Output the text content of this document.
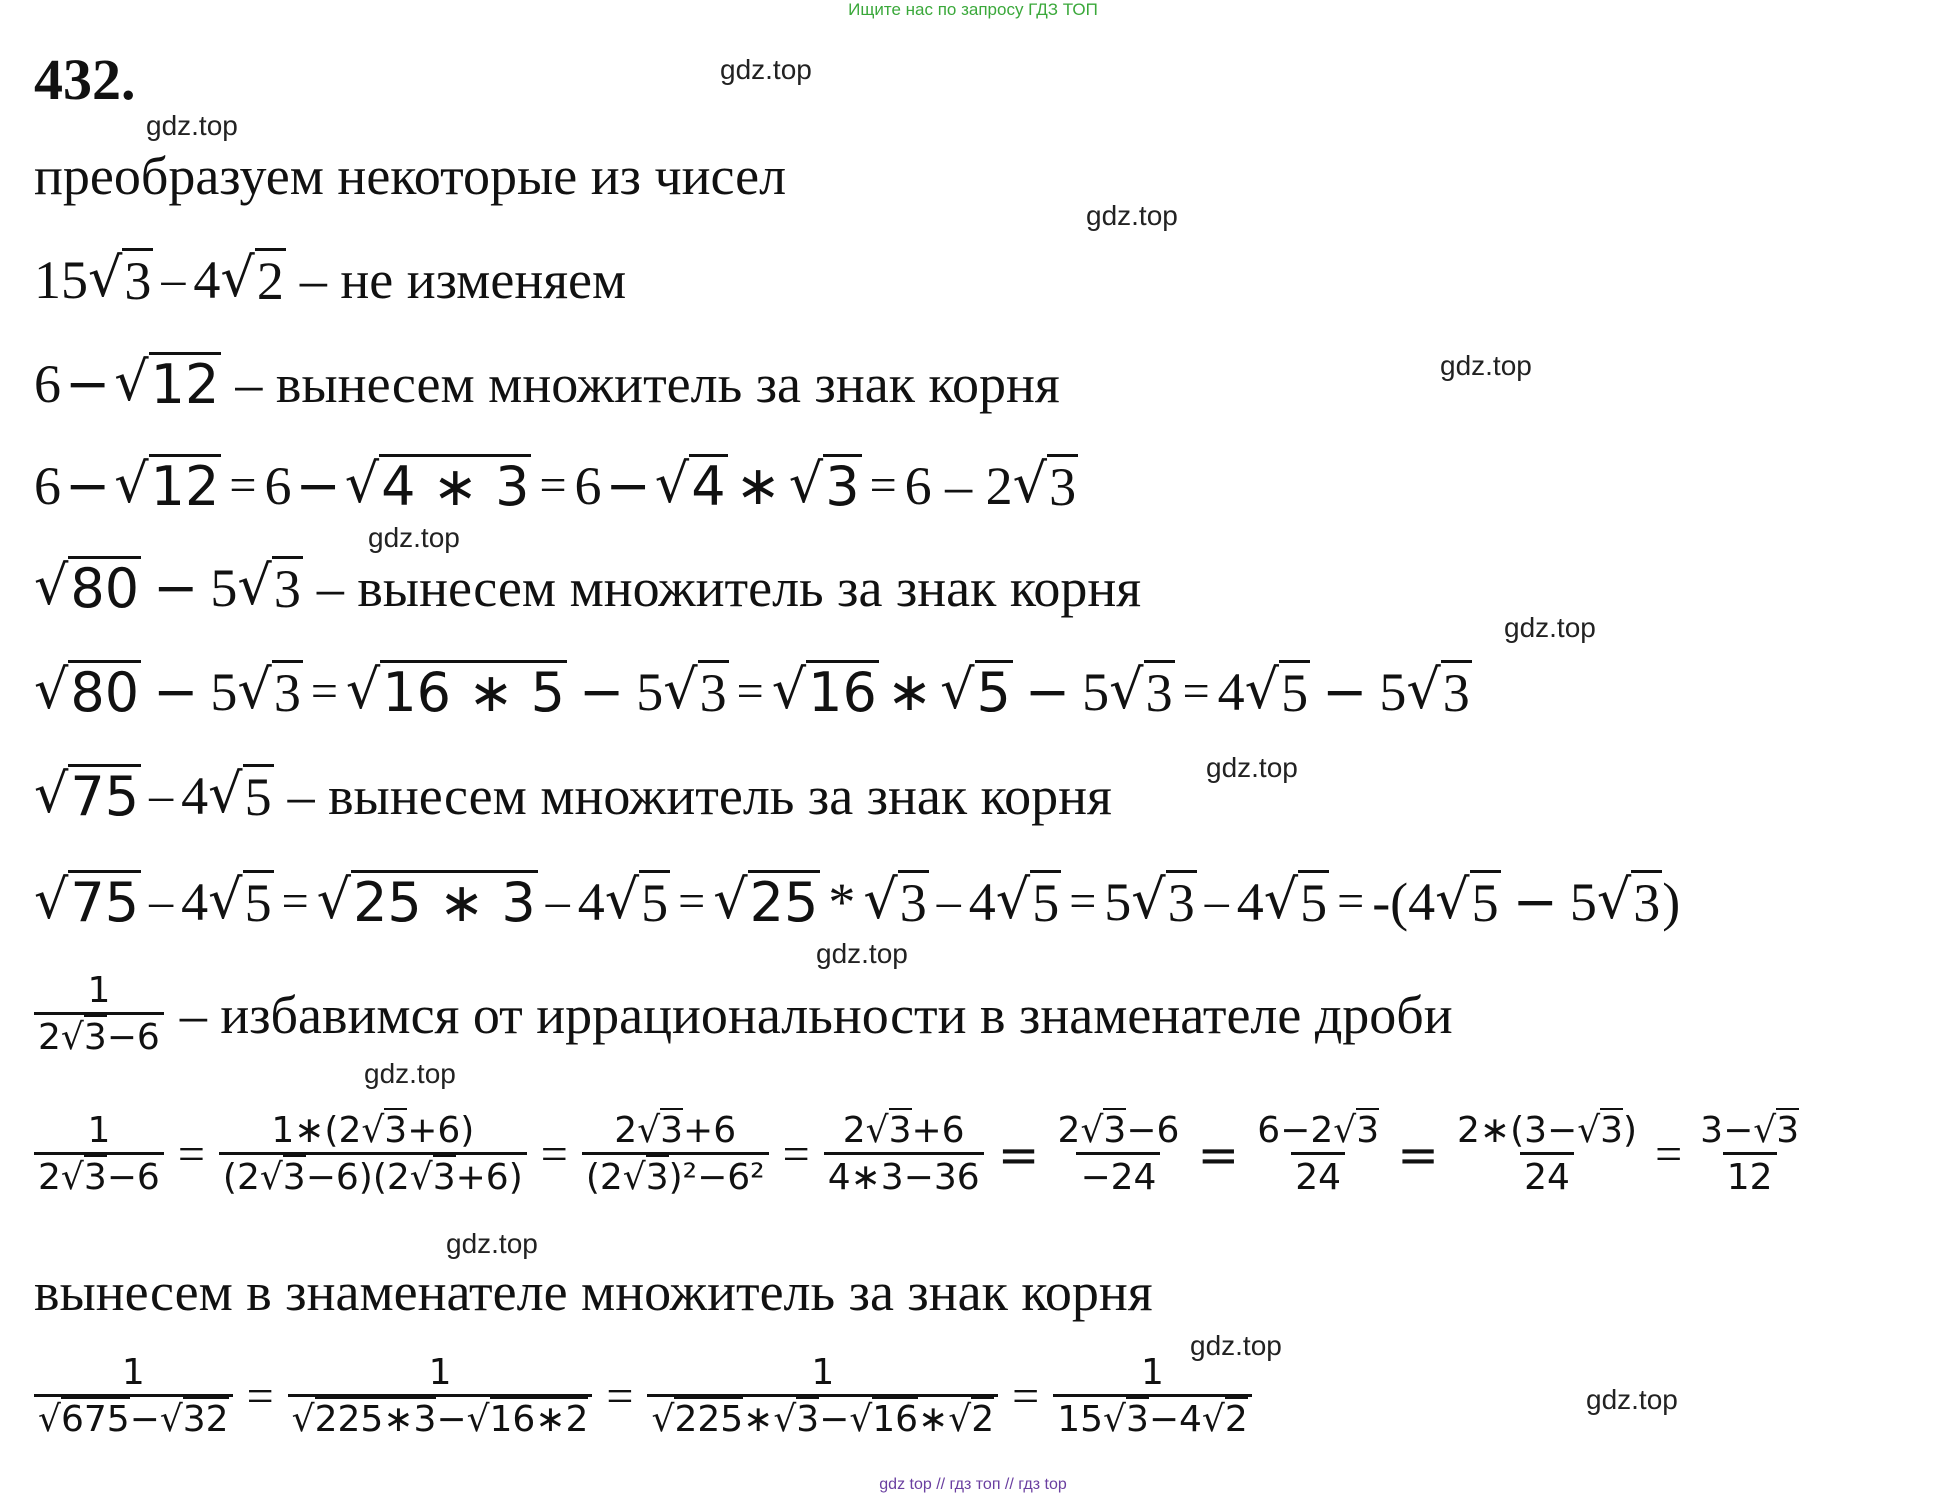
Ищите нас по запросу ГДЗ ТОП
432.	gdz.top
gdz.top
gdz.top
gdz.top
gdz.top
gdz.top
gdz.top
gdz.top
gdz.top
gdz.top
gdz.top
gdz.top
преобразуем некоторые из чисел
15 √ 3 – 4 √ 2 – не изменяем
6 − √ 12 – вынесем множитель за знак корня
6 − √ 12 = 6 − √ 4 ∗ 3 = 6 − √ 4 ∗ √ 3 = 6 – 2 √ 3
√ 80 − 5 √ 3 – вынесем множитель за знак корня
√ 80 − 5 √ 3 = √ 16 ∗ 5 − 5 √ 3 = √ 16 ∗ √ 5 − 5 √ 3 = 4 √ 5 − 5 √ 3
√ 75 – 4 √ 5 – вынесем множитель за знак корня
√ 75 – 4 √ 5 = √ 25 ∗ 3 – 4 √ 5 = √ 25 * √ 3 – 4 √ 5 = 5 √ 3 – 4 √ 5 = -(4 √ 5 − 5 √ 3 )
$\frac{1}{2√3-6}$ – избавимся от иррациональности в знаменателе дроби
$\frac{1}{2√3-6} = \frac{1∗(2√3+6)}{(2√3-6)(2√3+6)} = \frac{2√3+6}{\text{(2√3)²−6²}} = \frac{2√3+6}{4∗3-36} = \frac{2√3-6}{-24} = \frac{6-2√3}{24} = \frac{2∗(3-√3)}{24} = \frac{3-√3}{12}$
вынесем в знаменателе множитель за знак корня
$\frac{1}{√675-√32} = \frac{1}{√225∗3-√16∗2} = \frac{1}{√225∗√3-√16∗√2} = \frac{1}{15√3-4√2}$
gdz top // гдз топ // гдз top
